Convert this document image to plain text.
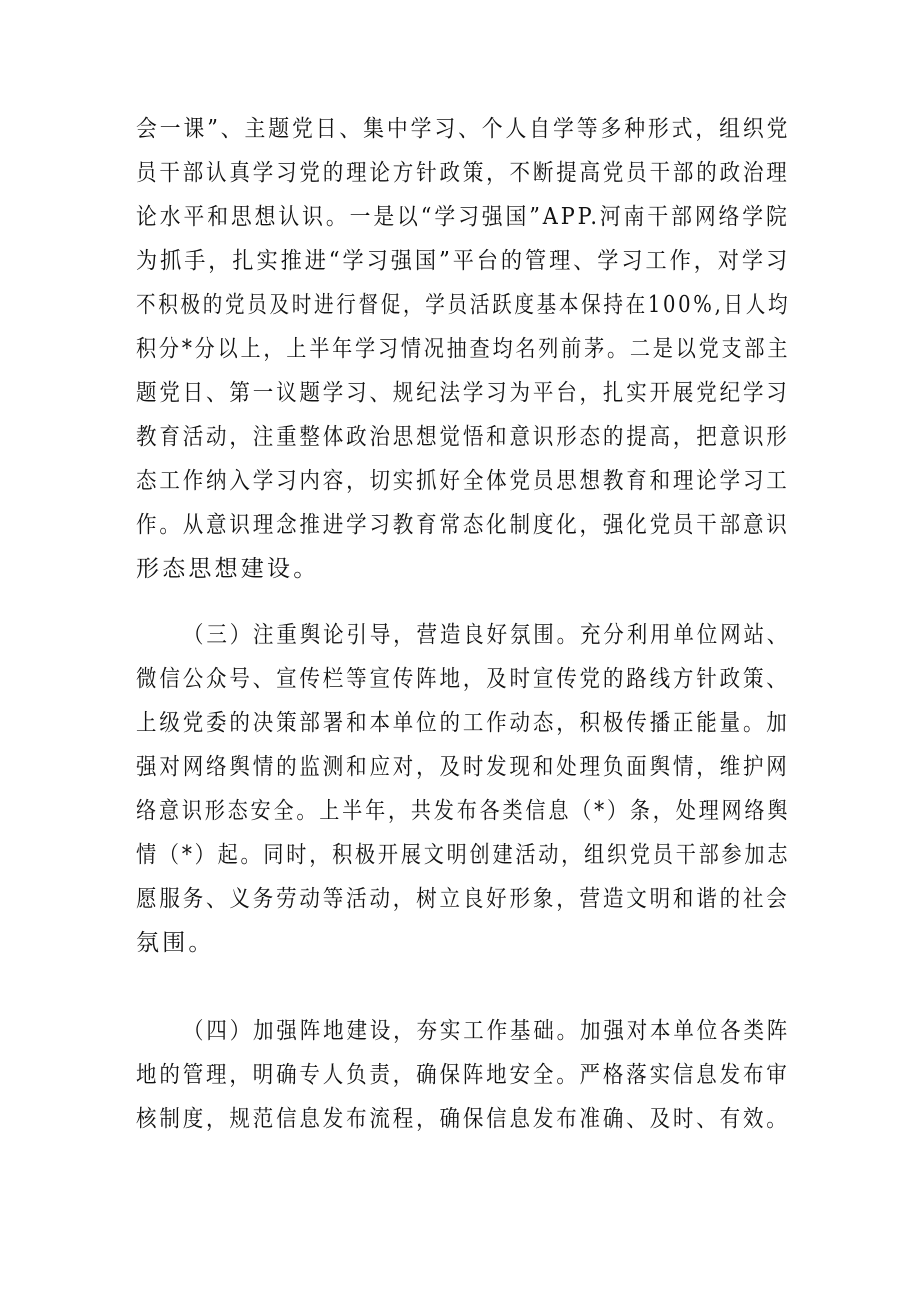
会一课”、主题党日、集中学习、个人自学等多种形式，组织党
员干部认真学习党的理论方针政策，不断提高党员干部的政治理
论水平和思想认识。一是以“学习强国”APP.河南干部网络学院
为抓手，扎实推进“学习强国”平台的管理、学习工作，对学习
不积极的党员及时进行督促，学员活跃度基本保持在100%,日人均
积分*分以上，上半年学习情况抽查均名列前茅。二是以党支部主
题党日、第一议题学习、规纪法学习为平台，扎实开展党纪学习
教育活动，注重整体政治思想觉悟和意识形态的提高，把意识形
态工作纳入学习内容，切实抓好全体党员思想教育和理论学习工
作。从意识理念推进学习教育常态化制度化，强化党员干部意识
形态思想建设。
（三）注重舆论引导，营造良好氛围。充分利用单位网站、
微信公众号、宣传栏等宣传阵地，及时宣传党的路线方针政策、
上级党委的决策部署和本单位的工作动态，积极传播正能量。加
强对网络舆情的监测和应对，及时发现和处理负面舆情，维护网
络意识形态安全。上半年，共发布各类信息（*）条，处理网络舆
情（*）起。同时，积极开展文明创建活动，组织党员干部参加志
愿服务、义务劳动等活动，树立良好形象，营造文明和谐的社会
氛围。
（四）加强阵地建设，夯实工作基础。加强对本单位各类阵
地的管理，明确专人负责，确保阵地安全。严格落实信息发布审
核制度，规范信息发布流程，确保信息发布准确、及时、有效。
